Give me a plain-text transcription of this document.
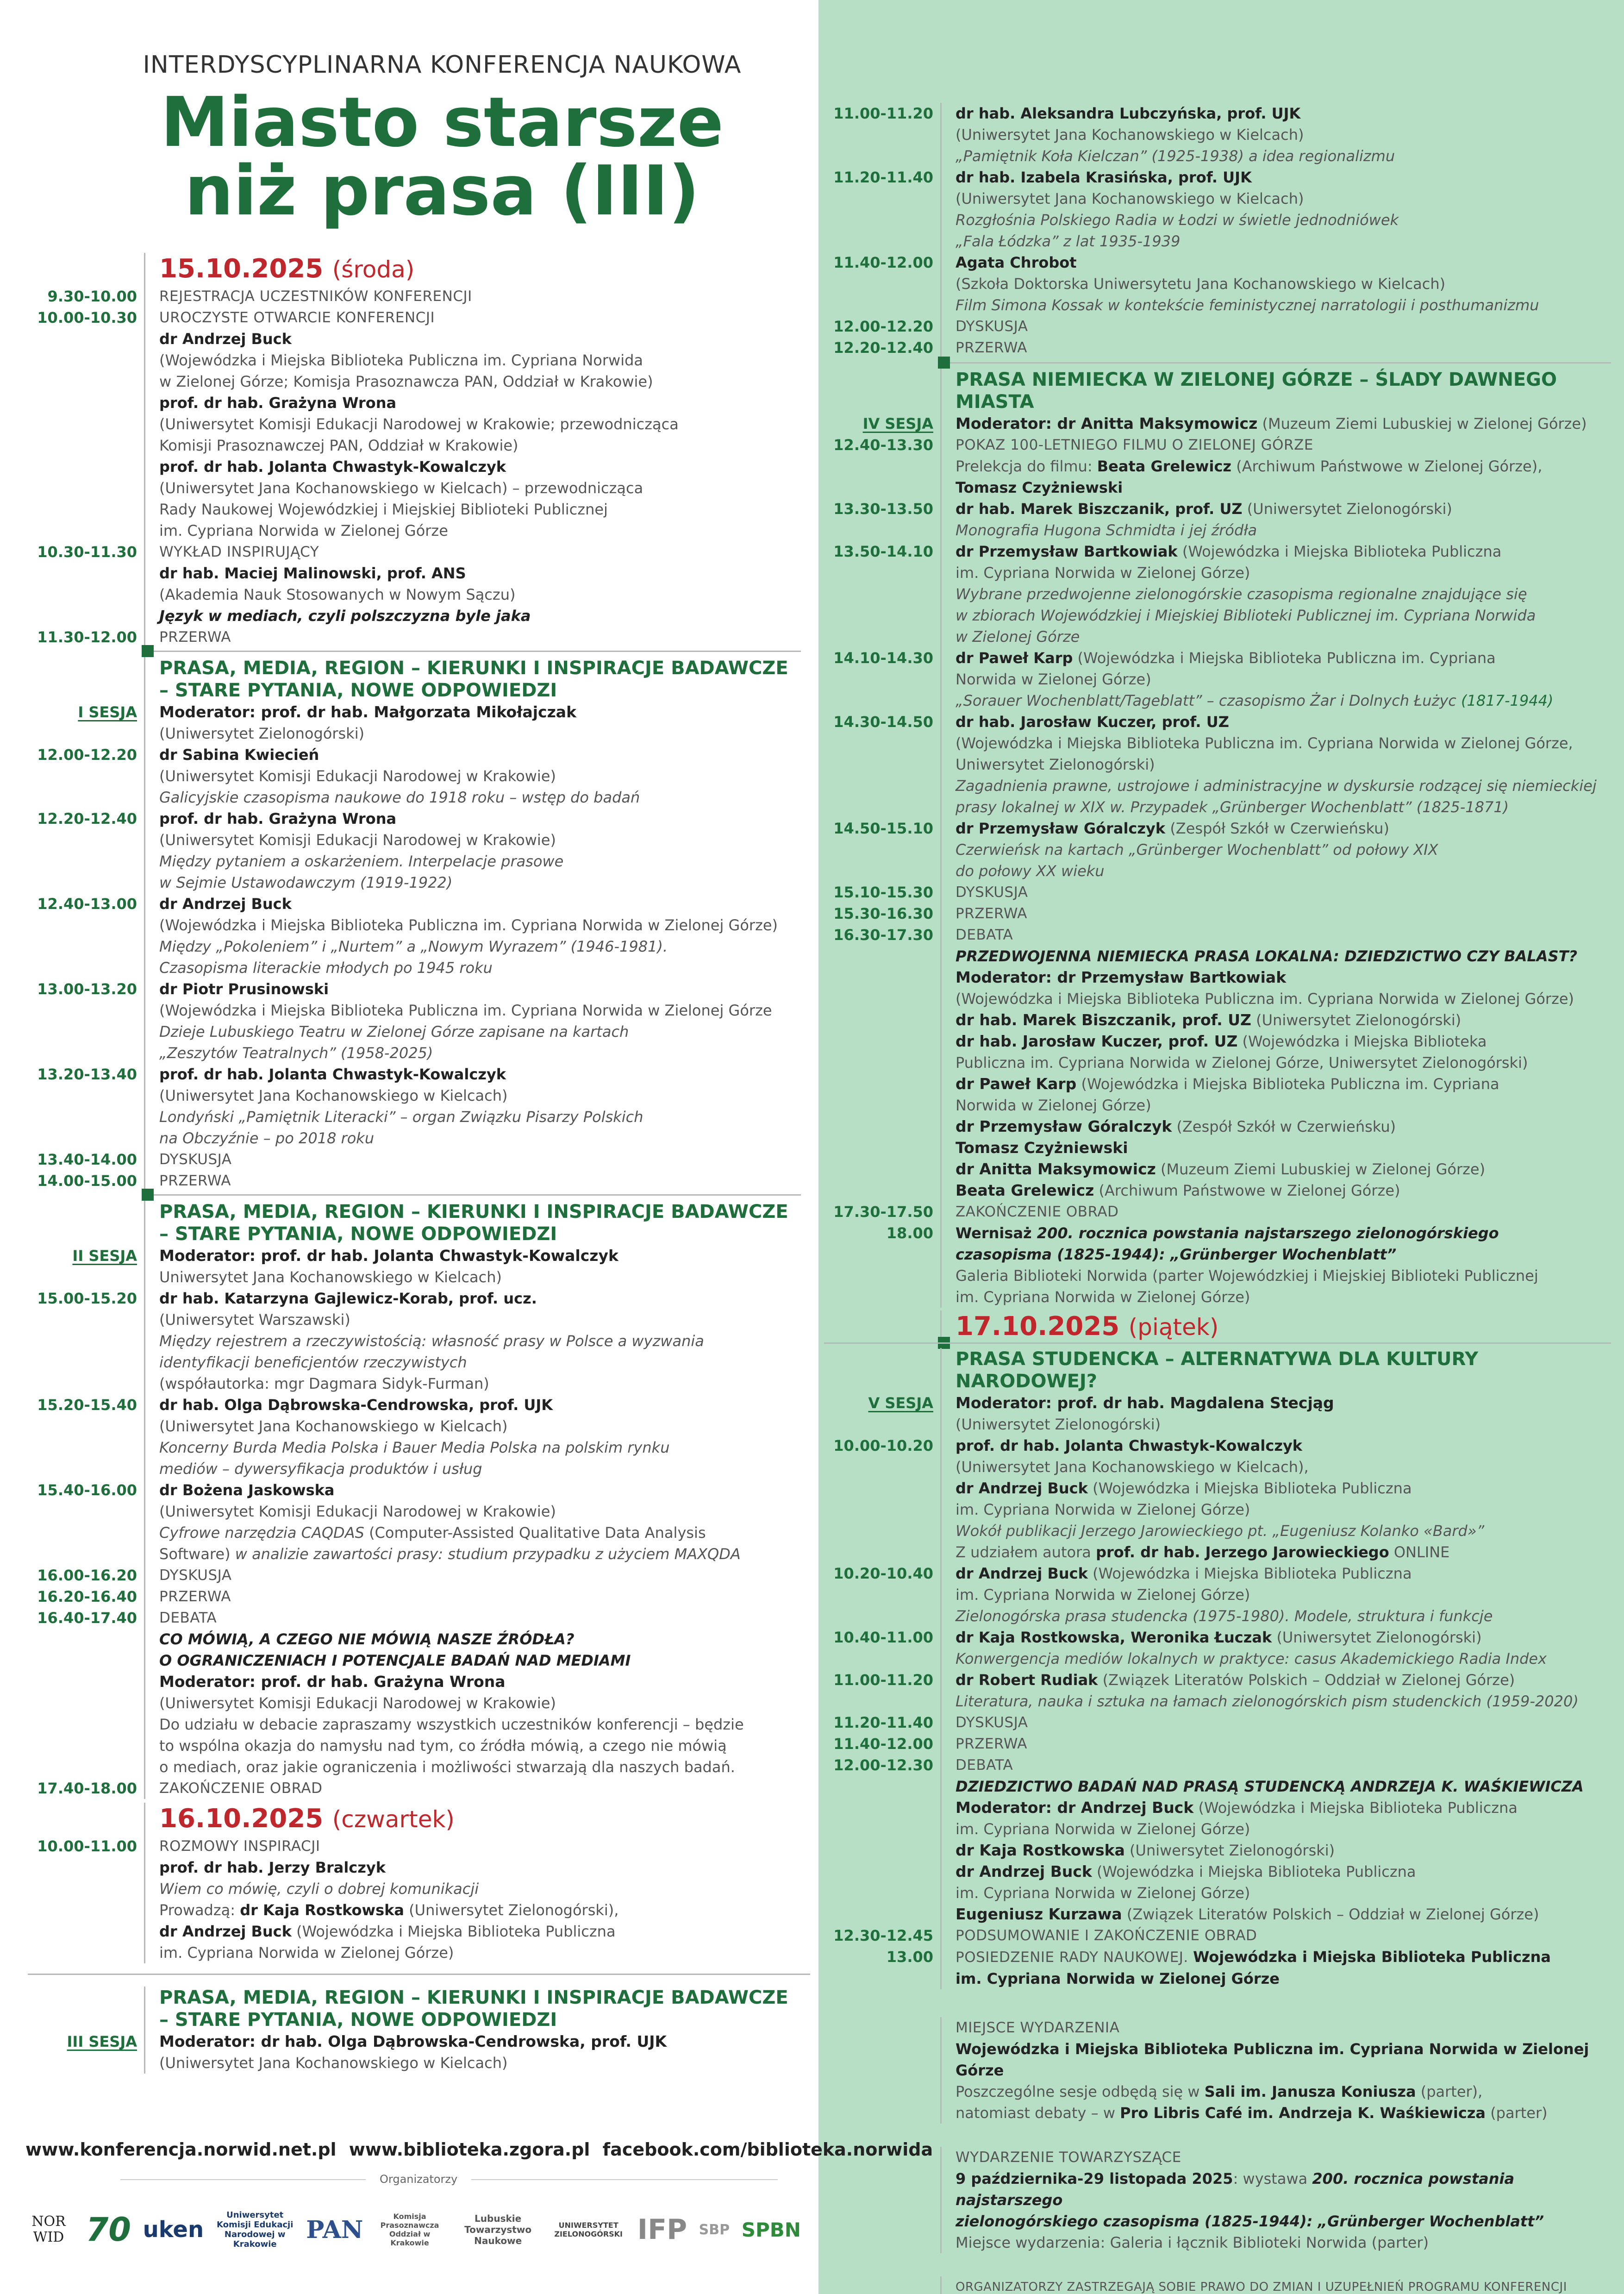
INTERDYSCYPLINARNA KONFERENCJA NAUKOWA
Miasto starsze
niż prasa (III)
15.10.2025 (środa)
9.30-10.00	REJESTRACJA UCZESTNIKÓW KONFERENCJI
10.00-10.30	UROCZYSTE OTWARCIE KONFERENCJI
dr Andrzej Buck
(Wojewódzka i Miejska Biblioteka Publiczna im. Cypriana Norwida
w Zielonej Górze; Komisja Prasoznawcza PAN, Oddział w Krakowie)
prof. dr hab. Grażyna Wrona
(Uniwersytet Komisji Edukacji Narodowej w Krakowie; przewodnicząca
Komisji Prasoznawczej PAN, Oddział w Krakowie)
prof. dr hab. Jolanta Chwastyk-Kowalczyk
(Uniwersytet Jana Kochanowskiego w Kielcach) – przewodnicząca
Rady Naukowej Wojewódzkiej i Miejskiej Biblioteki Publicznej
im. Cypriana Norwida w Zielonej Górze
10.30-11.30	WYKŁAD INSPIRUJĄCY
dr hab. Maciej Malinowski, prof. ANS
(Akademia Nauk Stosowanych w Nowym Sączu)
Język w mediach, czyli polszczyzna byle jaka
11.30-12.00	PRZERWA
PRASA, MEDIA, REGION – KIERUNKI I INSPIRACJE BADAWCZE
– STARE PYTANIA, NOWE ODPOWIEDZI
I SESJA	Moderator: prof. dr hab. Małgorzata Mikołajczak
(Uniwersytet Zielonogórski)
12.00-12.20	dr Sabina Kwiecień
(Uniwersytet Komisji Edukacji Narodowej w Krakowie)
Galicyjskie czasopisma naukowe do 1918 roku – wstęp do badań
12.20-12.40	prof. dr hab. Grażyna Wrona
(Uniwersytet Komisji Edukacji Narodowej w Krakowie)
Między pytaniem a oskarżeniem. Interpelacje prasowe
w Sejmie Ustawodawczym (1919-1922)
12.40-13.00	dr Andrzej Buck
(Wojewódzka i Miejska Biblioteka Publiczna im. Cypriana Norwida w Zielonej Górze)
Między „Pokoleniem” i „Nurtem” a „Nowym Wyrazem” (1946-1981).
Czasopisma literackie młodych po 1945 roku
13.00-13.20	dr Piotr Prusinowski
(Wojewódzka i Miejska Biblioteka Publiczna im. Cypriana Norwida w Zielonej Górze
Dzieje Lubuskiego Teatru w Zielonej Górze zapisane na kartach
„Zeszytów Teatralnych” (1958-2025)
13.20-13.40	prof. dr hab. Jolanta Chwastyk-Kowalczyk
(Uniwersytet Jana Kochanowskiego w Kielcach)
Londyński „Pamiętnik Literacki” – organ Związku Pisarzy Polskich
na Obczyźnie – po 2018 roku
13.40-14.00	DYSKUSJA
14.00-15.00	PRZERWA
PRASA, MEDIA, REGION – KIERUNKI I INSPIRACJE BADAWCZE
– STARE PYTANIA, NOWE ODPOWIEDZI
II SESJA	Moderator: prof. dr hab. Jolanta Chwastyk-Kowalczyk
Uniwersytet Jana Kochanowskiego w Kielcach)
15.00-15.20	dr hab. Katarzyna Gajlewicz-Korab, prof. ucz.
(Uniwersytet Warszawski)
Między rejestrem a rzeczywistością: własność prasy w Polsce a wyzwania
identyfikacji beneficjentów rzeczywistych
(współautorka: mgr Dagmara Sidyk-Furman)
15.20-15.40	dr hab. Olga Dąbrowska-Cendrowska, prof. UJK
(Uniwersytet Jana Kochanowskiego w Kielcach)
Koncerny Burda Media Polska i Bauer Media Polska na polskim rynku
mediów – dywersyfikacja produktów i usług
15.40-16.00	dr Bożena Jaskowska
(Uniwersytet Komisji Edukacji Narodowej w Krakowie)
Cyfrowe narzędzia CAQDAS (Computer-Assisted Qualitative Data Analysis
Software) w analizie zawartości prasy: studium przypadku z użyciem MAXQDA
16.00-16.20	DYSKUSJA
16.20-16.40	PRZERWA
16.40-17.40	DEBATA
CO MÓWIĄ, A CZEGO NIE MÓWIĄ NASZE ŹRÓDŁA?
O OGRANICZENIACH I POTENCJALE BADAŃ NAD MEDIAMI
Moderator: prof. dr hab. Grażyna Wrona
(Uniwersytet Komisji Edukacji Narodowej w Krakowie)
Do udziału w debacie zapraszamy wszystkich uczestników konferencji – będzie
to wspólna okazja do namysłu nad tym, co źródła mówią, a czego nie mówią
o mediach, oraz jakie ograniczenia i możliwości stwarzają dla naszych badań.
17.40-18.00	ZAKOŃCZENIE OBRAD
16.10.2025 (czwartek)
10.00-11.00	ROZMOWY INSPIRACJI
prof. dr hab. Jerzy Bralczyk
Wiem co mówię, czyli o dobrej komunikacji
Prowadzą: dr Kaja Rostkowska (Uniwersytet Zielonogórski),
dr Andrzej Buck (Wojewódzka i Miejska Biblioteka Publiczna
im. Cypriana Norwida w Zielonej Górze)
PRASA, MEDIA, REGION – KIERUNKI I INSPIRACJE BADAWCZE
– STARE PYTANIA, NOWE ODPOWIEDZI
III SESJA	Moderator: dr hab. Olga Dąbrowska-Cendrowska, prof. UJK
(Uniwersytet Jana Kochanowskiego w Kielcach)
11.00-11.20	dr hab. Aleksandra Lubczyńska, prof. UJK
(Uniwersytet Jana Kochanowskiego w Kielcach)
„Pamiętnik Koła Kielczan” (1925-1938) a idea regionalizmu
11.20-11.40	dr hab. Izabela Krasińska, prof. UJK
(Uniwersytet Jana Kochanowskiego w Kielcach)
Rozgłośnia Polskiego Radia w Łodzi w świetle jednodniówek
„Fala Łódzka” z lat 1935-1939
11.40-12.00	Agata Chrobot
(Szkoła Doktorska Uniwersytetu Jana Kochanowskiego w Kielcach)
Film Simona Kossak w kontekście feministycznej narratologii i posthumanizmu
12.00-12.20	DYSKUSJA
12.20-12.40	PRZERWA
PRASA NIEMIECKA W ZIELONEJ GÓRZE – ŚLADY DAWNEGO MIASTA
IV SESJA	Moderator: dr Anitta Maksymowicz (Muzeum Ziemi Lubuskiej w Zielonej Górze)
12.40-13.30	POKAZ 100-LETNIEGO FILMU O ZIELONEJ GÓRZE
Prelekcja do filmu: Beata Grelewicz (Archiwum Państwowe w Zielonej Górze),
Tomasz Czyżniewski
13.30-13.50	dr hab. Marek Biszczanik, prof. UZ (Uniwersytet Zielonogórski)
Monografia Hugona Schmidta i jej źródła
13.50-14.10	dr Przemysław Bartkowiak (Wojewódzka i Miejska Biblioteka Publiczna
im. Cypriana Norwida w Zielonej Górze)
Wybrane przedwojenne zielonogórskie czasopisma regionalne znajdujące się
w zbiorach Wojewódzkiej i Miejskiej Biblioteki Publicznej im. Cypriana Norwida
w Zielonej Górze
14.10-14.30	dr Paweł Karp (Wojewódzka i Miejska Biblioteka Publiczna im. Cypriana
Norwida w Zielonej Górze)
„Sorauer Wochenblatt/Tageblatt” – czasopismo Żar i Dolnych Łużyc (1817-1944)
14.30-14.50	dr hab. Jarosław Kuczer, prof. UZ
(Wojewódzka i Miejska Biblioteka Publiczna im. Cypriana Norwida w Zielonej Górze,
Uniwersytet Zielonogórski)
Zagadnienia prawne, ustrojowe i administracyjne w dyskursie rodzącej się niemieckiej
prasy lokalnej w XIX w. Przypadek „Grünberger Wochenblatt” (1825-1871)
14.50-15.10	dr Przemysław Góralczyk (Zespół Szkół w Czerwieńsku)
Czerwieńsk na kartach „Grünberger Wochenblatt” od połowy XIX
do połowy XX wieku
15.10-15.30	DYSKUSJA
15.30-16.30	PRZERWA
16.30-17.30	DEBATA
PRZEDWOJENNA NIEMIECKA PRASA LOKALNA: DZIEDZICTWO CZY BALAST?
Moderator: dr Przemysław Bartkowiak
(Wojewódzka i Miejska Biblioteka Publiczna im. Cypriana Norwida w Zielonej Górze)
dr hab. Marek Biszczanik, prof. UZ (Uniwersytet Zielonogórski)
dr hab. Jarosław Kuczer, prof. UZ (Wojewódzka i Miejska Biblioteka
Publiczna im. Cypriana Norwida w Zielonej Górze, Uniwersytet Zielonogórski)
dr Paweł Karp (Wojewódzka i Miejska Biblioteka Publiczna im. Cypriana
Norwida w Zielonej Górze)
dr Przemysław Góralczyk (Zespół Szkół w Czerwieńsku)
Tomasz Czyżniewski
dr Anitta Maksymowicz (Muzeum Ziemi Lubuskiej w Zielonej Górze)
Beata Grelewicz (Archiwum Państwowe w Zielonej Górze)
17.30-17.50	ZAKOŃCZENIE OBRAD
18.00	Wernisaż 200. rocznica powstania najstarszego zielonogórskiego
czasopisma (1825-1944): „Grünberger Wochenblatt”
Galeria Biblioteki Norwida (parter Wojewódzkiej i Miejskiej Biblioteki Publicznej
im. Cypriana Norwida w Zielonej Górze)
17.10.2025 (piątek)
PRASA STUDENCKA – ALTERNATYWA DLA KULTURY NARODOWEJ?
V SESJA	Moderator: prof. dr hab. Magdalena Stecjąg
(Uniwersytet Zielonogórski)
10.00-10.20	prof. dr hab. Jolanta Chwastyk-Kowalczyk
(Uniwersytet Jana Kochanowskiego w Kielcach),
dr Andrzej Buck (Wojewódzka i Miejska Biblioteka Publiczna
im. Cypriana Norwida w Zielonej Górze)
Wokół publikacji Jerzego Jarowieckiego pt. „Eugeniusz Kolanko «Bard»”
Z udziałem autora prof. dr hab. Jerzego Jarowieckiego ONLINE
10.20-10.40	dr Andrzej Buck (Wojewódzka i Miejska Biblioteka Publiczna
im. Cypriana Norwida w Zielonej Górze)
Zielonogórska prasa studencka (1975-1980). Modele, struktura i funkcje
10.40-11.00	dr Kaja Rostkowska, Weronika Łuczak (Uniwersytet Zielonogórski)
Konwergencja mediów lokalnych w praktyce: casus Akademickiego Radia Index
11.00-11.20	dr Robert Rudiak (Związek Literatów Polskich – Oddział w Zielonej Górze)
Literatura, nauka i sztuka na łamach zielonogórskich pism studenckich (1959-2020)
11.20-11.40	DYSKUSJA
11.40-12.00	PRZERWA
12.00-12.30	DEBATA
DZIEDZICTWO BADAŃ NAD PRASĄ STUDENCKĄ ANDRZEJA K. WAŚKIEWICZA
Moderator: dr Andrzej Buck (Wojewódzka i Miejska Biblioteka Publiczna
im. Cypriana Norwida w Zielonej Górze)
dr Kaja Rostkowska (Uniwersytet Zielonogórski)
dr Andrzej Buck (Wojewódzka i Miejska Biblioteka Publiczna
im. Cypriana Norwida w Zielonej Górze)
Eugeniusz Kurzawa (Związek Literatów Polskich – Oddział w Zielonej Górze)
12.30-12.45	PODSUMOWANIE I ZAKOŃCZENIE OBRAD
13.00	POSIEDZENIE RADY NAUKOWEJ. Wojewódzka i Miejska Biblioteka Publiczna
im. Cypriana Norwida w Zielonej Górze
MIEJSCE WYDARZENIA
Wojewódzka i Miejska Biblioteka Publiczna im. Cypriana Norwida w Zielonej Górze
Poszczególne sesje odbędą się w Sali im. Janusza Koniusza (parter),
natomiast debaty – w Pro Libris Café im. Andrzeja K. Waśkiewicza (parter)
WYDARZENIE TOWARZYSZĄCE
9 października-29 listopada 2025: wystawa 200. rocznica powstania najstarszego
zielonogórskiego czasopisma (1825-1944): „Grünberger Wochenblatt”
Miejsce wydarzenia: Galeria i łącznik Biblioteki Norwida (parter)
ORGANIZATORZY ZASTRZEGAJĄ SOBIE PRAWO DO ZMIAN I UZUPEŁNIEŃ PROGRAMU KONFERENCJI
www.konferencja.norwid.net.pl www.biblioteka.zgora.pl facebook.com/biblioteka.norwida
Organizatorzy
NOR WID 70 uken
Uniwersytet Komisji Edukacji Narodowej w Krakowie
PAN	Komisja Prasoznawcza Oddział w Krakowie
Lubuskie Towarzystwo Naukowe
UNIWERSYTET ZIELONOGÓRSKI IFP SBP SPBN
